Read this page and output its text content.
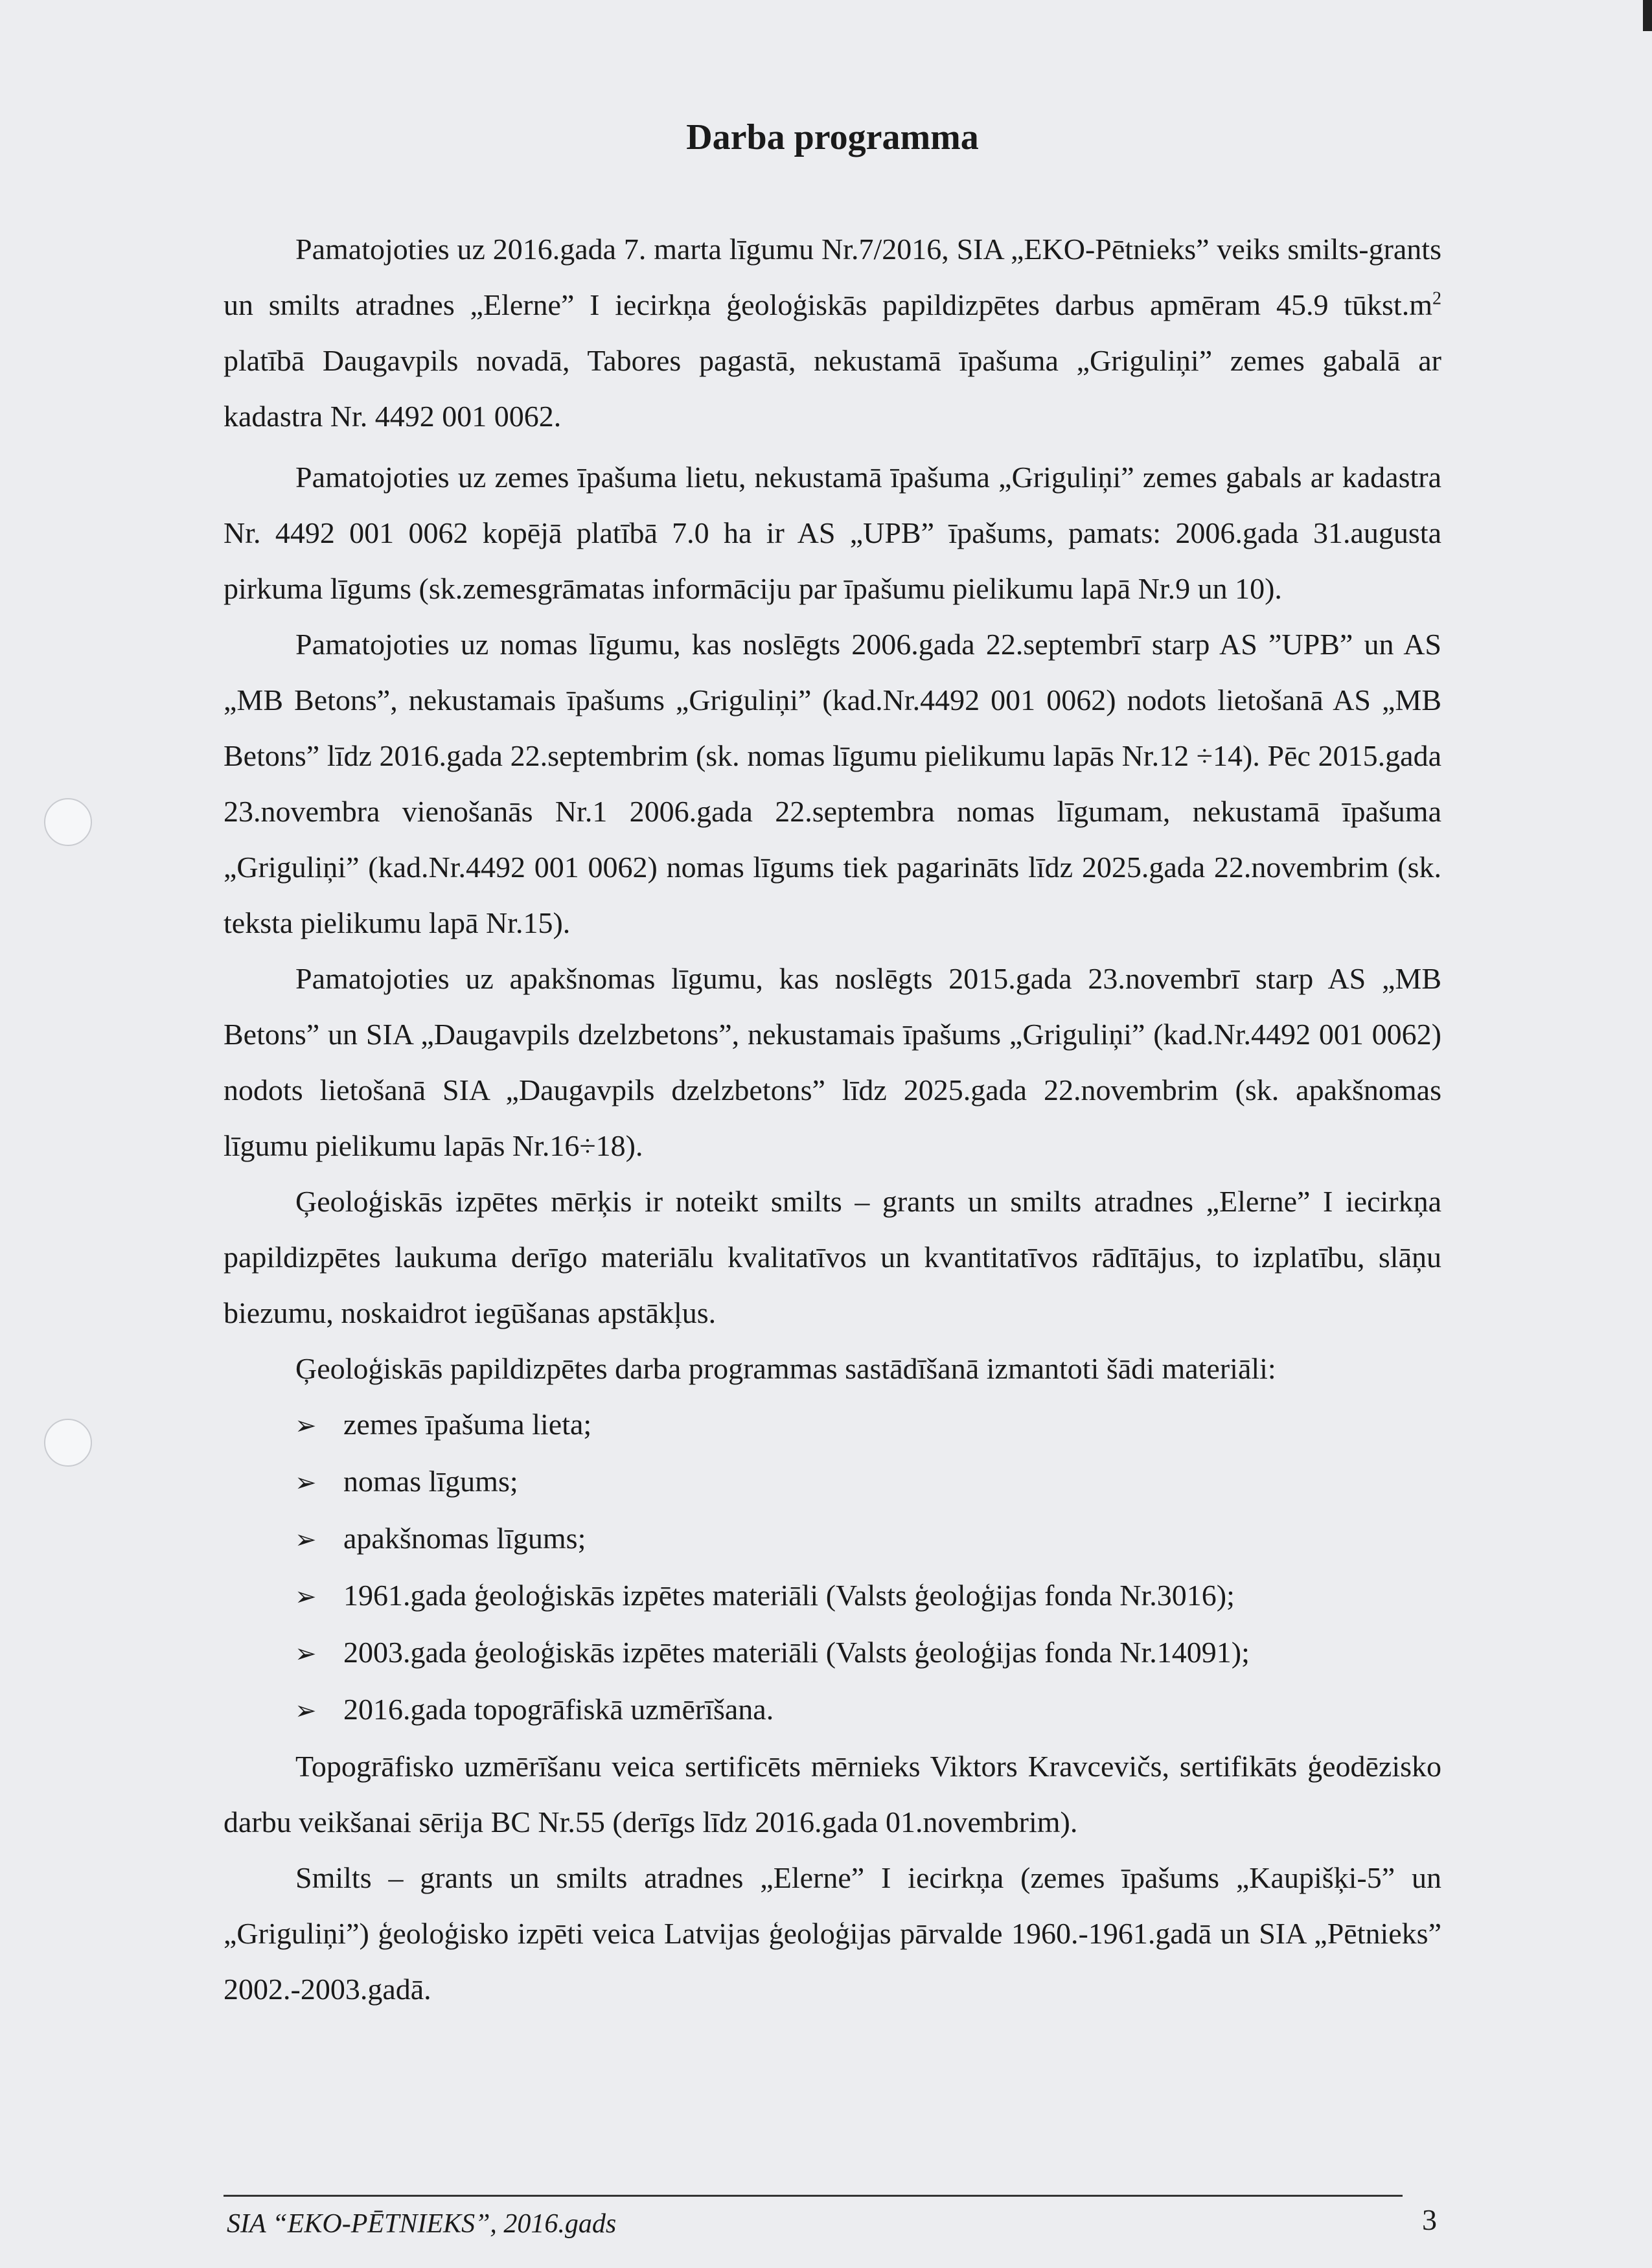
Darba programma

Pamatojoties uz 2016.gada 7. marta līgumu Nr.7/2016, SIA „EKO-Pētnieks” veiks smilts-grants un smilts atradnes „Elerne” I iecirkņa ģeoloģiskās papildizpētes darbus apmēram 45.9 $tūkst.m^2$ platībā Daugavpils novadā, Tabores pagastā, nekustamā īpašuma „Griguliņi” zemes gabalā ar kadastra Nr. 4492 001 0062.

Pamatojoties uz zemes īpašuma lietu, nekustamā īpašuma „Griguliņi” zemes gabals ar kadastra Nr. 4492 001 0062 kopējā platībā 7.0 ha ir AS „UPB” īpašums, pamats: 2006.gada 31.augusta pirkuma līgums (sk.zemesgrāmatas informāciju par īpašumu pielikumu lapā Nr.9 un 10).

Pamatojoties uz nomas līgumu, kas noslēgts 2006.gada 22.septembrī starp AS ”UPB” un AS „MB Betons”, nekustamais īpašums „Griguliņi” (kad.Nr.4492 001 0062) nodots lietošanā AS „MB Betons” līdz 2016.gada 22.septembrim (sk. nomas līgumu pielikumu lapās Nr.12 ÷14). Pēc 2015.gada 23.novembra vienošanās Nr.1 2006.gada 22.septembra nomas līgumam, nekustamā īpašuma „Griguliņi” (kad.Nr.4492 001 0062) nomas līgums tiek pagarināts līdz 2025.gada 22.novembrim (sk. teksta pielikumu lapā Nr.15).

Pamatojoties uz apakšnomas līgumu, kas noslēgts 2015.gada 23.novembrī starp AS „MB Betons” un SIA „Daugavpils dzelzbetons”, nekustamais īpašums „Griguliņi” (kad.Nr.4492 001 0062) nodots lietošanā SIA „Daugavpils dzelzbetons” līdz 2025.gada 22.novembrim (sk. apakšnomas līgumu pielikumu lapās Nr.16÷18).

Ģeoloģiskās izpētes mērķis ir noteikt smilts – grants un smilts atradnes „Elerne” I iecirkņa papildizpētes laukuma derīgo materiālu kvalitatīvos un kvantitatīvos rādītājus, to izplatību, slāņu biezumu, noskaidrot iegūšanas apstākļus.

Ģeoloģiskās papildizpētes darba programmas sastādīšanā izmantoti šādi materiāli:

➢ zemes īpašuma lieta;
➢ nomas līgums;
➢ apakšnomas līgums;
➢ 1961.gada ģeoloģiskās izpētes materiāli (Valsts ģeoloģijas fonda Nr.3016);
➢ 2003.gada ģeoloģiskās izpētes materiāli (Valsts ģeoloģijas fonda Nr.14091);
➢ 2016.gada topogrāfiskā uzmērīšana.

Topogrāfisko uzmērīšanu veica sertificēts mērnieks Viktors Kravcevičs, sertifikāts ģeodēzisko darbu veikšanai sērija BC Nr.55 (derīgs līdz 2016.gada 01.novembrim).

Smilts – grants un smilts atradnes „Elerne” I iecirkņa (zemes īpašums „Kaupišķi-5” un „Griguliņi”) ģeoloģisko izpēti veica Latvijas ģeoloģijas pārvalde 1960.-1961.gadā un SIA „Pētnieks” 2002.-2003.gadā.

SIA “EKO-PĒTNIEKS”, 2016.gads	3
